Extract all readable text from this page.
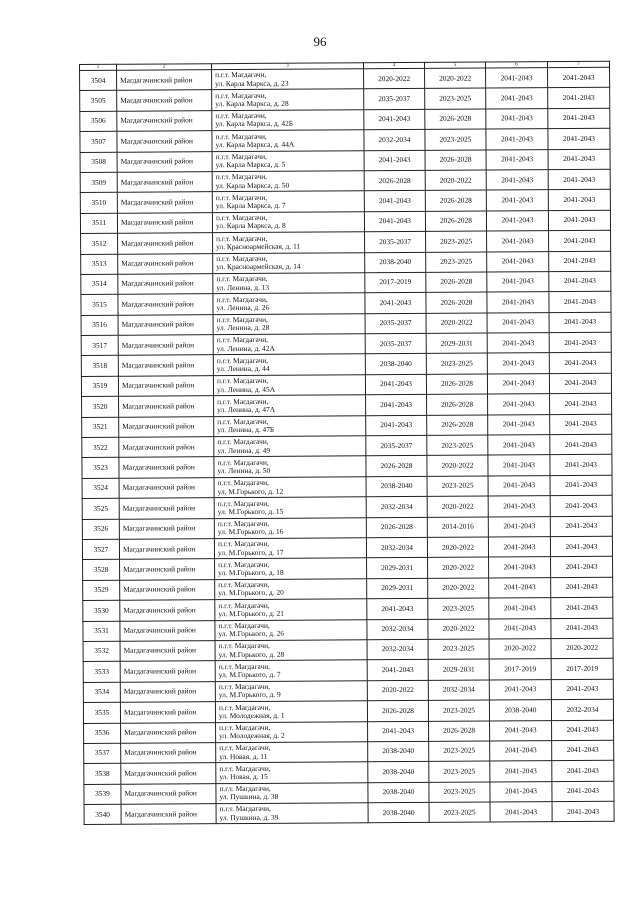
96
1	2	3	4	5	6	7
3504	Магдагачинский район	п.г.т. Магдагачи,
ул. Карла Маркса, д. 23	2020-2022	2020-2022	2041-2043	2041-2043
3505	Магдагачинский район	п.г.т. Магдагачи,
ул. Карла Маркса, д. 28	2035-2037	2023-2025	2041-2043	2041-2043
3506	Магдагачинский район	п.г.т. Магдагачи,
ул. Карла Маркса, д. 42Б	2041-2043	2026-2028	2041-2043	2041-2043
3507	Магдагачинский район	п.г.т. Магдагачи,
ул. Карла Маркса, д. 44А	2032-2034	2023-2025	2041-2043	2041-2043
3508	Магдагачинский район	п.г.т. Магдагачи,
ул. Карла Маркса, д. 5	2041-2043	2026-2028	2041-2043	2041-2043
3509	Магдагачинский район	п.г.т. Магдагачи,
ул. Карла Маркса, д. 50	2026-2028	2020-2022	2041-2043	2041-2043
3510	Магдагачинский район	п.г.т. Магдагачи,
ул. Карла Маркса, д. 7	2041-2043	2026-2028	2041-2043	2041-2043
3511	Магдагачинский район	п.г.т. Магдагачи,
ул. Карла Маркса, д. 8	2041-2043	2026-2028	2041-2043	2041-2043
3512	Магдагачинский район	п.г.т. Магдагачи,
ул. Красноармейская, д. 11	2035-2037	2023-2025	2041-2043	2041-2043
3513	Магдагачинский район	п.г.т. Магдагачи,
ул. Красноармейская, д. 14	2038-2040	2023-2025	2041-2043	2041-2043
3514	Магдагачинский район	п.г.т. Магдагачи,
ул. Ленина, д. 13	2017-2019	2026-2028	2041-2043	2041-2043
3515	Магдагачинский район	п.г.т. Магдагачи,
ул. Ленина, д. 26	2041-2043	2026-2028	2041-2043	2041-2043
3516	Магдагачинский район	п.г.т. Магдагачи,
ул. Ленина, д. 28	2035-2037	2020-2022	2041-2043	2041-2043
3517	Магдагачинский район	п.г.т. Магдагачи,
ул. Ленина, д. 42А	2035-2037	2029-2031	2041-2043	2041-2043
3518	Магдагачинский район	п.г.т. Магдагачи,
ул. Ленина, д. 44	2038-2040	2023-2025	2041-2043	2041-2043
3519	Магдагачинский район	п.г.т. Магдагачи,
ул. Ленина, д. 45А	2041-2043	2026-2028	2041-2043	2041-2043
3520	Магдагачинский район	п.г.т. Магдагачи,
ул. Ленина, д. 47А	2041-2043	2026-2028	2041-2043	2041-2043
3521	Магдагачинский район	п.г.т. Магдагачи,
ул. Ленина, д. 47Б	2041-2043	2026-2028	2041-2043	2041-2043
3522	Магдагачинский район	п.г.т. Магдагачи,
ул. Ленина, д. 49	2035-2037	2023-2025	2041-2043	2041-2043
3523	Магдагачинский район	п.г.т. Магдагачи,
ул. Ленина, д. 50	2026-2028	2020-2022	2041-2043	2041-2043
3524	Магдагачинский район	п.г.т. Магдагачи,
ул. М.Горького, д. 12	2038-2040	2023-2025	2041-2043	2041-2043
3525	Магдагачинский район	п.г.т. Магдагачи,
ул. М.Горького, д. 15	2032-2034	2020-2022	2041-2043	2041-2043
3526	Магдагачинский район	п.г.т. Магдагачи,
ул. М.Горького, д. 16	2026-2028	2014-2016	2041-2043	2041-2043
3527	Магдагачинский район	п.г.т. Магдагачи,
ул. М.Горького, д. 17	2032-2034	2020-2022	2041-2043	2041-2043
3528	Магдагачинский район	п.г.т. Магдагачи,
ул. М.Горького, д. 18	2029-2031	2020-2022	2041-2043	2041-2043
3529	Магдагачинский район	п.г.т. Магдагачи,
ул. М.Горького, д. 20	2029-2031	2020-2022	2041-2043	2041-2043
3530	Магдагачинский район	п.г.т. Магдагачи,
ул. М.Горького, д. 21	2041-2043	2023-2025	2041-2043	2041-2043
3531	Магдагачинский район	п.г.т. Магдагачи,
ул. М.Горького, д. 26	2032-2034	2020-2022	2041-2043	2041-2043
3532	Магдагачинский район	п.г.т. Магдагачи,
ул. М.Горького, д. 28	2032-2034	2023-2025	2020-2022	2020-2022
3533	Магдагачинский район	п.г.т. Магдагачи,
ул. М.Горького, д. 7	2041-2043	2029-2031	2017-2019	2017-2019
3534	Магдагачинский район	п.г.т. Магдагачи,
ул. М.Горького, д. 9	2020-2022	2032-2034	2041-2043	2041-2043
3535	Магдагачинский район	п.г.т. Магдагачи,
ул. Молодежная, д. 1	2026-2028	2023-2025	2038-2040	2032-2034
3536	Магдагачинский район	п.г.т. Магдагачи,
ул. Молодежная, д. 2	2041-2043	2026-2028	2041-2043	2041-2043
3537	Магдагачинский район	п.г.т. Магдагачи,
ул. Новая, д. 11	2038-2040	2023-2025	2041-2043	2041-2043
3538	Магдагачинский район	п.г.т. Магдагачи,
ул. Новая, д. 15	2038-2040	2023-2025	2041-2043	2041-2043
3539	Магдагачинский район	п.г.т. Магдагачи,
ул. Пушкина, д. 38	2038-2040	2023-2025	2041-2043	2041-2043
3540	Магдагачинский район	п.г.т. Магдагачи,
ул. Пушкина, д. 39	2038-2040	2023-2025	2041-2043	2041-2043
